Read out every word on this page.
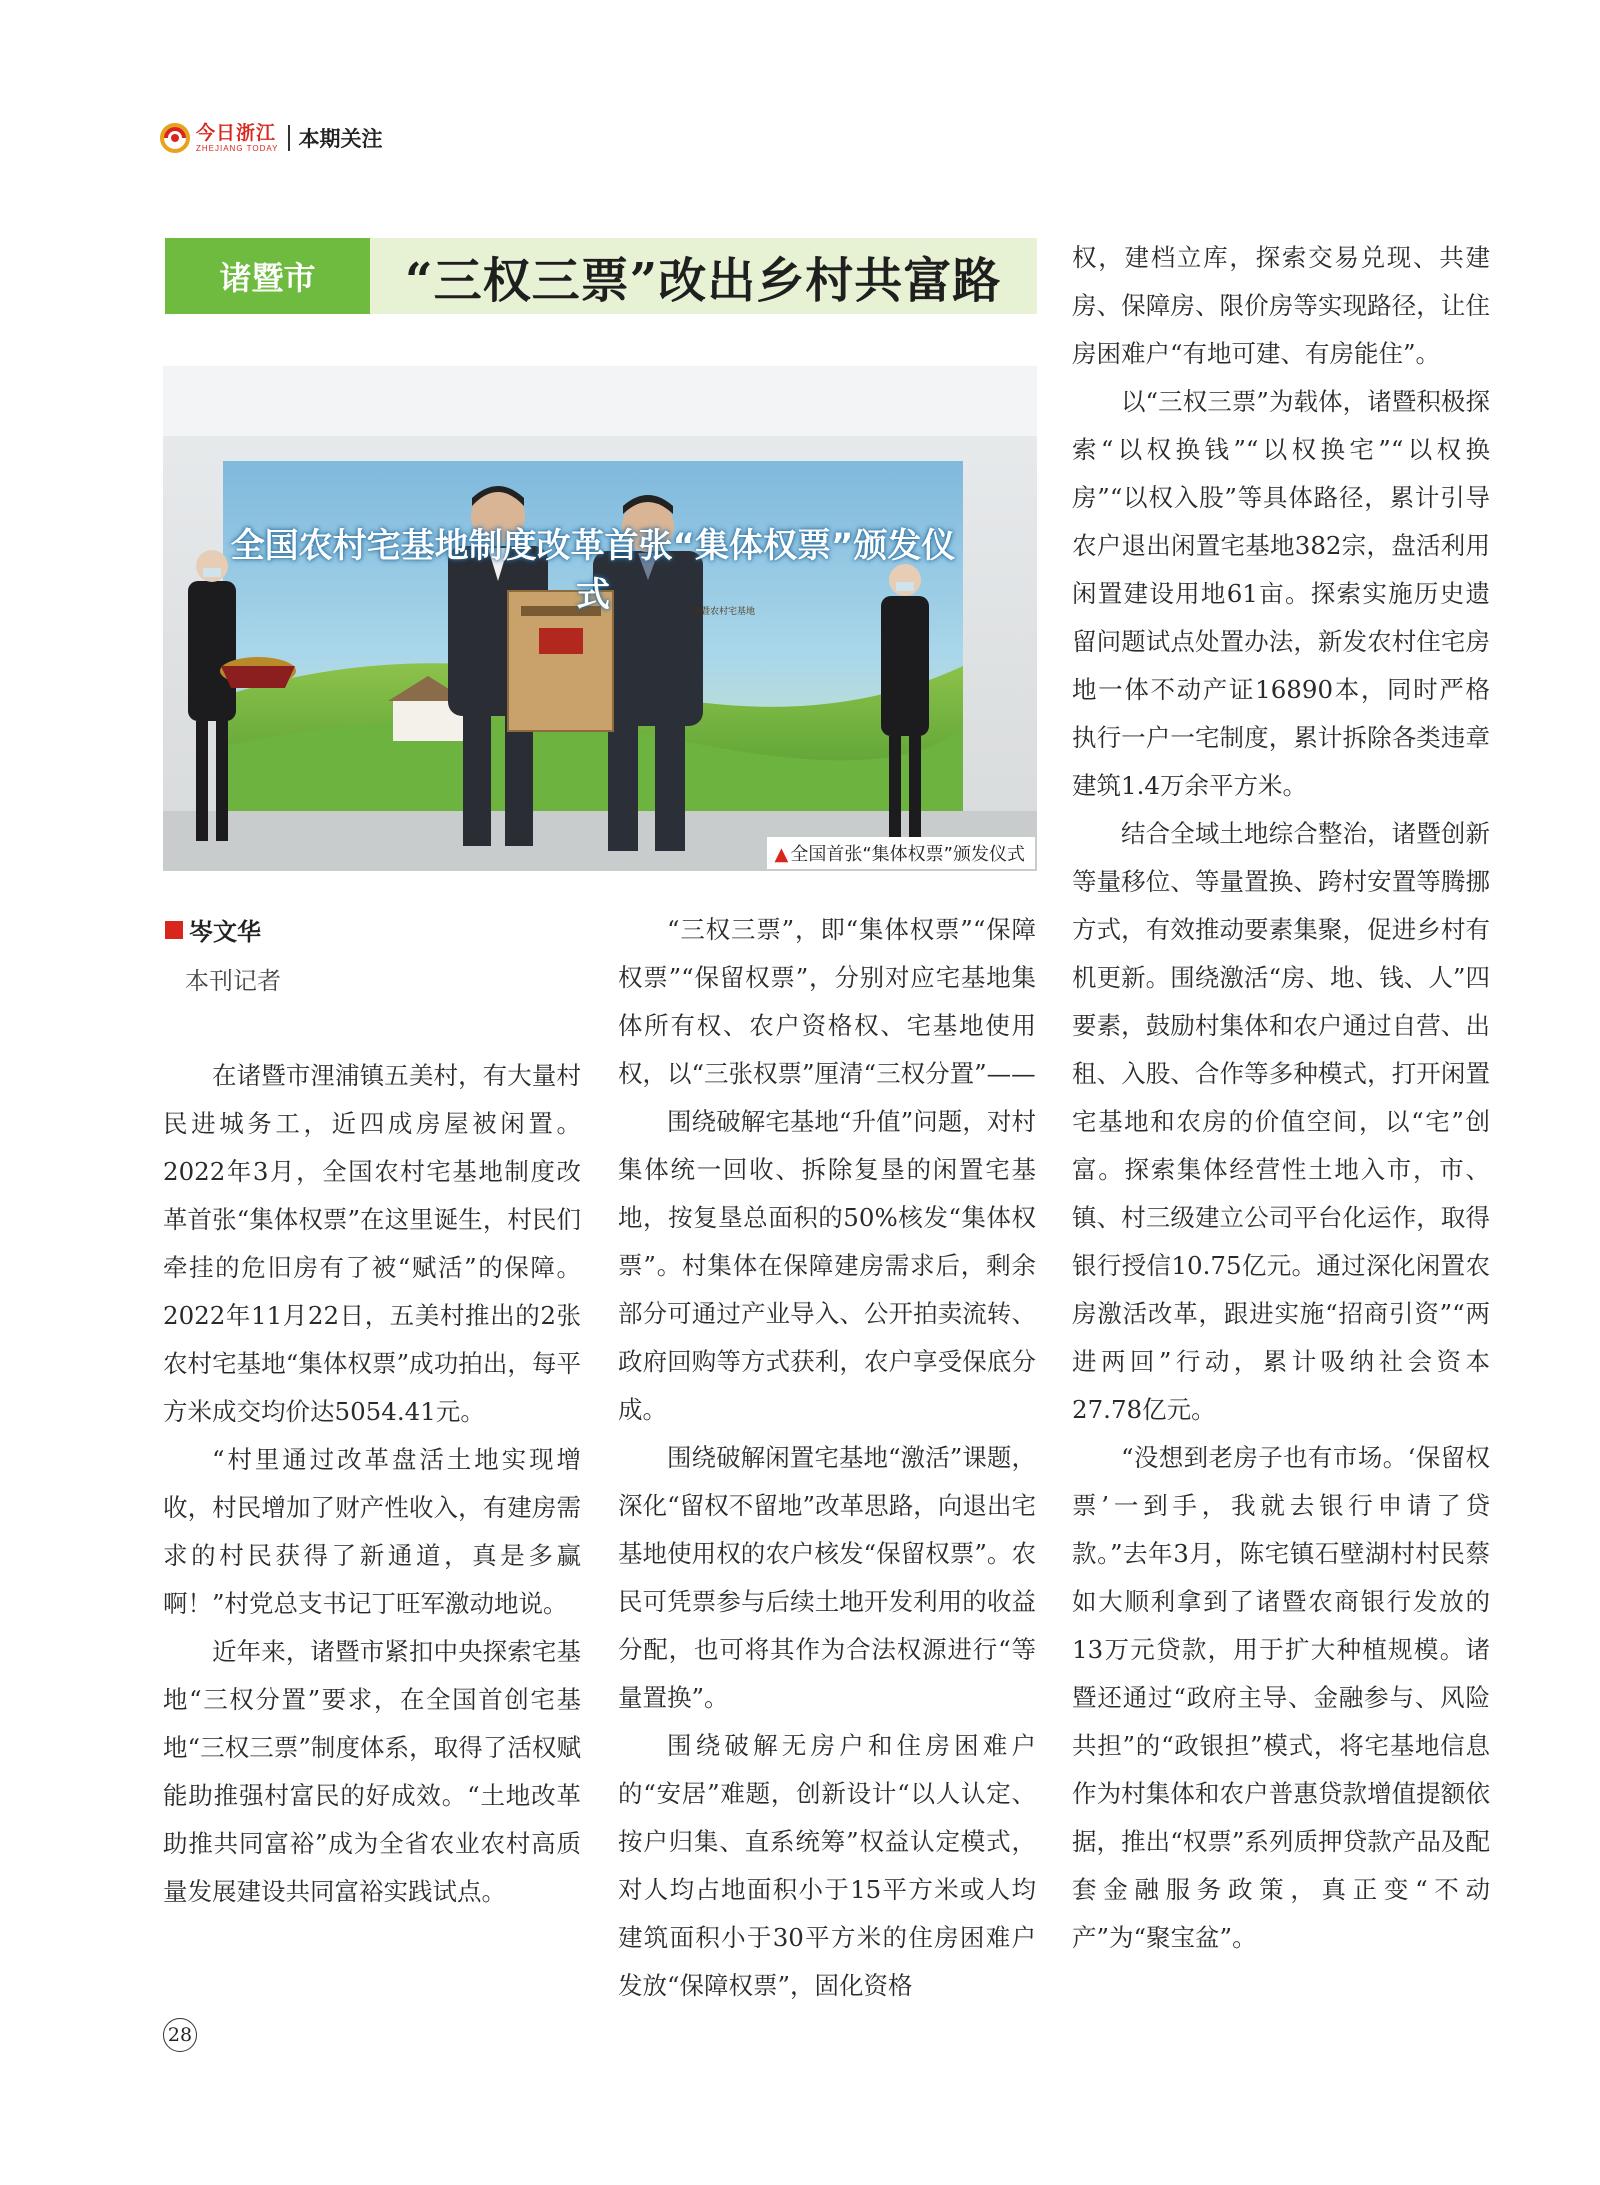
今日浙江
ZHEJIANG TODAY 本期关注
诸暨市	“三权三票”改出乡村共富路
全国农村宅基地制度改革首张“集体权票”颁发仪式	诸暨农村宅基地
▲ 全国首张“集体权票”颁发仪式
岑文华
本刊记者

在诸暨市浬浦镇五美村，有大量村民进城务工，近四成房屋被闲置。2022年3月，全国农村宅基地制度改革首张“集体权票”在这里诞生，村民们牵挂的危旧房有了被“赋活”的保障。2022年11月22日，五美村推出的2张农村宅基地“集体权票”成功拍出，每平方米成交均价达5054.41元。

“村里通过改革盘活土地实现增收，村民增加了财产性收入，有建房需求的村民获得了新通道，真是多赢啊！”村党总支书记丁旺军激动地说。

近年来，诸暨市紧扣中央探索宅基地“三权分置”要求，在全国首创宅基地“三权三票”制度体系，取得了活权赋能助推强村富民的好成效。“土地改革助推共同富裕”成为全省农业农村高质量发展建设共同富裕实践试点。

“三权三票”，即“集体权票”“保障权票”“保留权票”，分别对应宅基地集体所有权、农户资格权、宅基地使用权，以“三张权票”厘清“三权分置”——

围绕破解宅基地“升值”问题，对村集体统一回收、拆除复垦的闲置宅基地，按复垦总面积的50%核发“集体权票”。村集体在保障建房需求后，剩余部分可通过产业导入、公开拍卖流转、政府回购等方式获利，农户享受保底分成。

围绕破解闲置宅基地“激活”课题，深化“留权不留地”改革思路，向退出宅基地使用权的农户核发“保留权票”。农民可凭票参与后续土地开发利用的收益分配，也可将其作为合法权源进行“等量置换”。

围绕破解无房户和住房困难户的“安居”难题，创新设计“以人认定、按户归集、直系统筹”权益认定模式，对人均占地面积小于15平方米或人均建筑面积小于30平方米的住房困难户发放“保障权票”，固化资格

权，建档立库，探索交易兑现、共建房、保障房、限价房等实现路径，让住房困难户“有地可建、有房能住”。

以“三权三票”为载体，诸暨积极探索“以权换钱”“以权换宅”“以权换房”“以权入股”等具体路径，累计引导农户退出闲置宅基地382宗，盘活利用闲置建设用地61亩。探索实施历史遗留问题试点处置办法，新发农村住宅房地一体不动产证16890本，同时严格执行一户一宅制度，累计拆除各类违章建筑1.4万余平方米。

结合全域土地综合整治，诸暨创新等量移位、等量置换、跨村安置等腾挪方式，有效推动要素集聚，促进乡村有机更新。围绕激活“房、地、钱、人”四要素，鼓励村集体和农户通过自营、出租、入股、合作等多种模式，打开闲置宅基地和农房的价值空间，以“宅”创富。探索集体经营性土地入市，市、镇、村三级建立公司平台化运作，取得银行授信10.75亿元。通过深化闲置农房激活改革，跟进实施“招商引资”“两进两回”行动，累计吸纳社会资本27.78亿元。

“没想到老房子也有市场。‘保留权票’一到手，我就去银行申请了贷款。”去年3月，陈宅镇石壁湖村村民蔡如大顺利拿到了诸暨农商银行发放的13万元贷款，用于扩大种植规模。诸暨还通过“政府主导、金融参与、风险共担”的“政银担”模式，将宅基地信息作为村集体和农户普惠贷款增值提额依据，推出“权票”系列质押贷款产品及配套金融服务政策，真正变“不动产”为“聚宝盆”。

28
